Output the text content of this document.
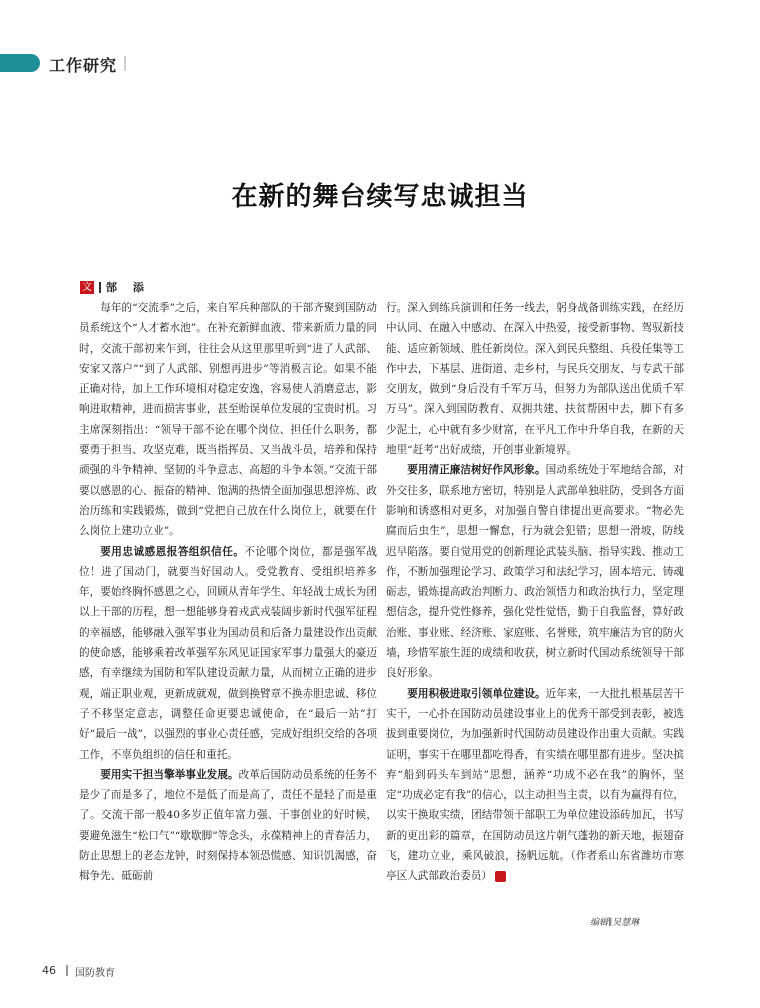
工作研究
在新的舞台续写忠诚担当
文 郜 添

每年的“交流季”之后，来自军兵种部队的干部齐聚到国防动员系统这个“人才蓄水池”。在补充新鲜血液、带来新质力量的同时，交流干部初来乍到，往往会从这里那里听到“进了人武部、安家又落户”“到了人武部、别想再进步”等消极言论。如果不能正确对待，加上工作环境相对稳定安逸，容易使人消磨意志，影响进取精神，进而损害事业，甚至贻误单位发展的宝贵时机。习主席深刻指出：“领导干部不论在哪个岗位、担任什么职务，都要勇于担当、攻坚克难，既当指挥员、又当战斗员，培养和保持顽强的斗争精神、坚韧的斗争意志、高超的斗争本领。”交流干部要以感恩的心、振奋的精神、饱满的热情全面加强思想淬炼、政治历练和实践锻炼，做到“党把自己放在什么岗位上，就要在什么岗位上建功立业”。

要用忠诚感恩报答组织信任。不论哪个岗位，都是强军战位！进了国动门，就要当好国动人。受党教育、受组织培养多年，要始终胸怀感恩之心，回顾从青年学生、年轻战士成长为团以上干部的历程，想一想能够身着戎武戎装阔步新时代强军征程的幸福感，能够融入强军事业为国动员和后备力量建设作出贡献的使命感，能够乘着改革强军东风见证国家军事力量强大的豪迈感，有幸继续为国防和军队建设贡献力量，从而树立正确的进步观，端正职业观，更新成就观，做到换臂章不换赤胆忠诚、移位子不移坚定意志，调整任命更要忠诚使命，在“最后一站”打好“最后一战”，以强烈的事业心责任感，完成好组织交给的各项工作，不辜负组织的信任和重托。

要用实干担当擎举事业发展。改革后国防动员系统的任务不是少了而是多了，地位不是低了而是高了，责任不是轻了而是重了。交流干部一般40多岁正值年富力强、干事创业的好时候，要避免滋生“松口气”“歇歇脚”等念头，永葆精神上的青春活力，防止思想上的老态龙钟，时刻保持本领恐慌感、知识饥渴感，奋楫争先、砥砺前

行。深入到练兵演训和任务一线去，躬身战备训练实践，在经历中认同、在融入中感动、在深入中热爱，接受新事物、驾驭新技能、适应新领域、胜任新岗位。深入到民兵整组、兵役任集等工作中去，下基层、进街道、走乡村，与民兵交朋友、与专武干部交朋友，做到“身后没有千军万马，但努力为部队送出优质千军万马”。深入到国防教育、双拥共建、扶贫帮困中去，脚下有多少泥土，心中就有多少财富，在平凡工作中升华自我，在新的天地里“赶考”出好成绩，开创事业新境界。

要用清正廉洁树好作风形象。国动系统处于军地结合部，对外交往多，联系地方密切，特别是人武部单独驻防，受到各方面影响和诱惑相对更多，对加强自警自律提出更高要求。“物必先腐而后虫生”，思想一懈怠，行为就会犯错；思想一滑坡，防线迟早陷落。要自觉用党的创新理论武装头脑、指导实践、推动工作，不断加强理论学习、政策学习和法纪学习，固本培元、铸魂砺志，锻炼提高政治判断力、政治领悟力和政治执行力，坚定理想信念，提升党性修养，强化党性觉悟，勤于自我监督，算好政治账、事业账、经济账、家庭账、名誉账，筑牢廉洁为官的防火墙，珍惜军旅生涯的成绩和收获，树立新时代国动系统领导干部良好形象。

要用积极进取引领单位建设。近年来，一大批扎根基层苦干实干，一心扑在国防动员建设事业上的优秀干部受到表彰，被选拔到重要岗位，为加强新时代国防动员建设作出重大贡献。实践证明，事实干在哪里都吃得香，有实绩在哪里都有进步。坚决摈弃“船到码头车到站”思想，涵养“功成不必在我”的胸怀，坚定“功成必定有我”的信心，以主动担当主责，以有为赢得有位，以实干换取实绩，团结带领干部职工为单位建设添砖加瓦，书写新的更出彩的篇章，在国防动员这片朝气蓬勃的新天地，振翅奋飞，建功立业，乘风破浪，扬帆远航。（作者系山东省潍坊市寒亭区人武部政治委员）	C

编辑∥吴慧琳
46 国防教育
